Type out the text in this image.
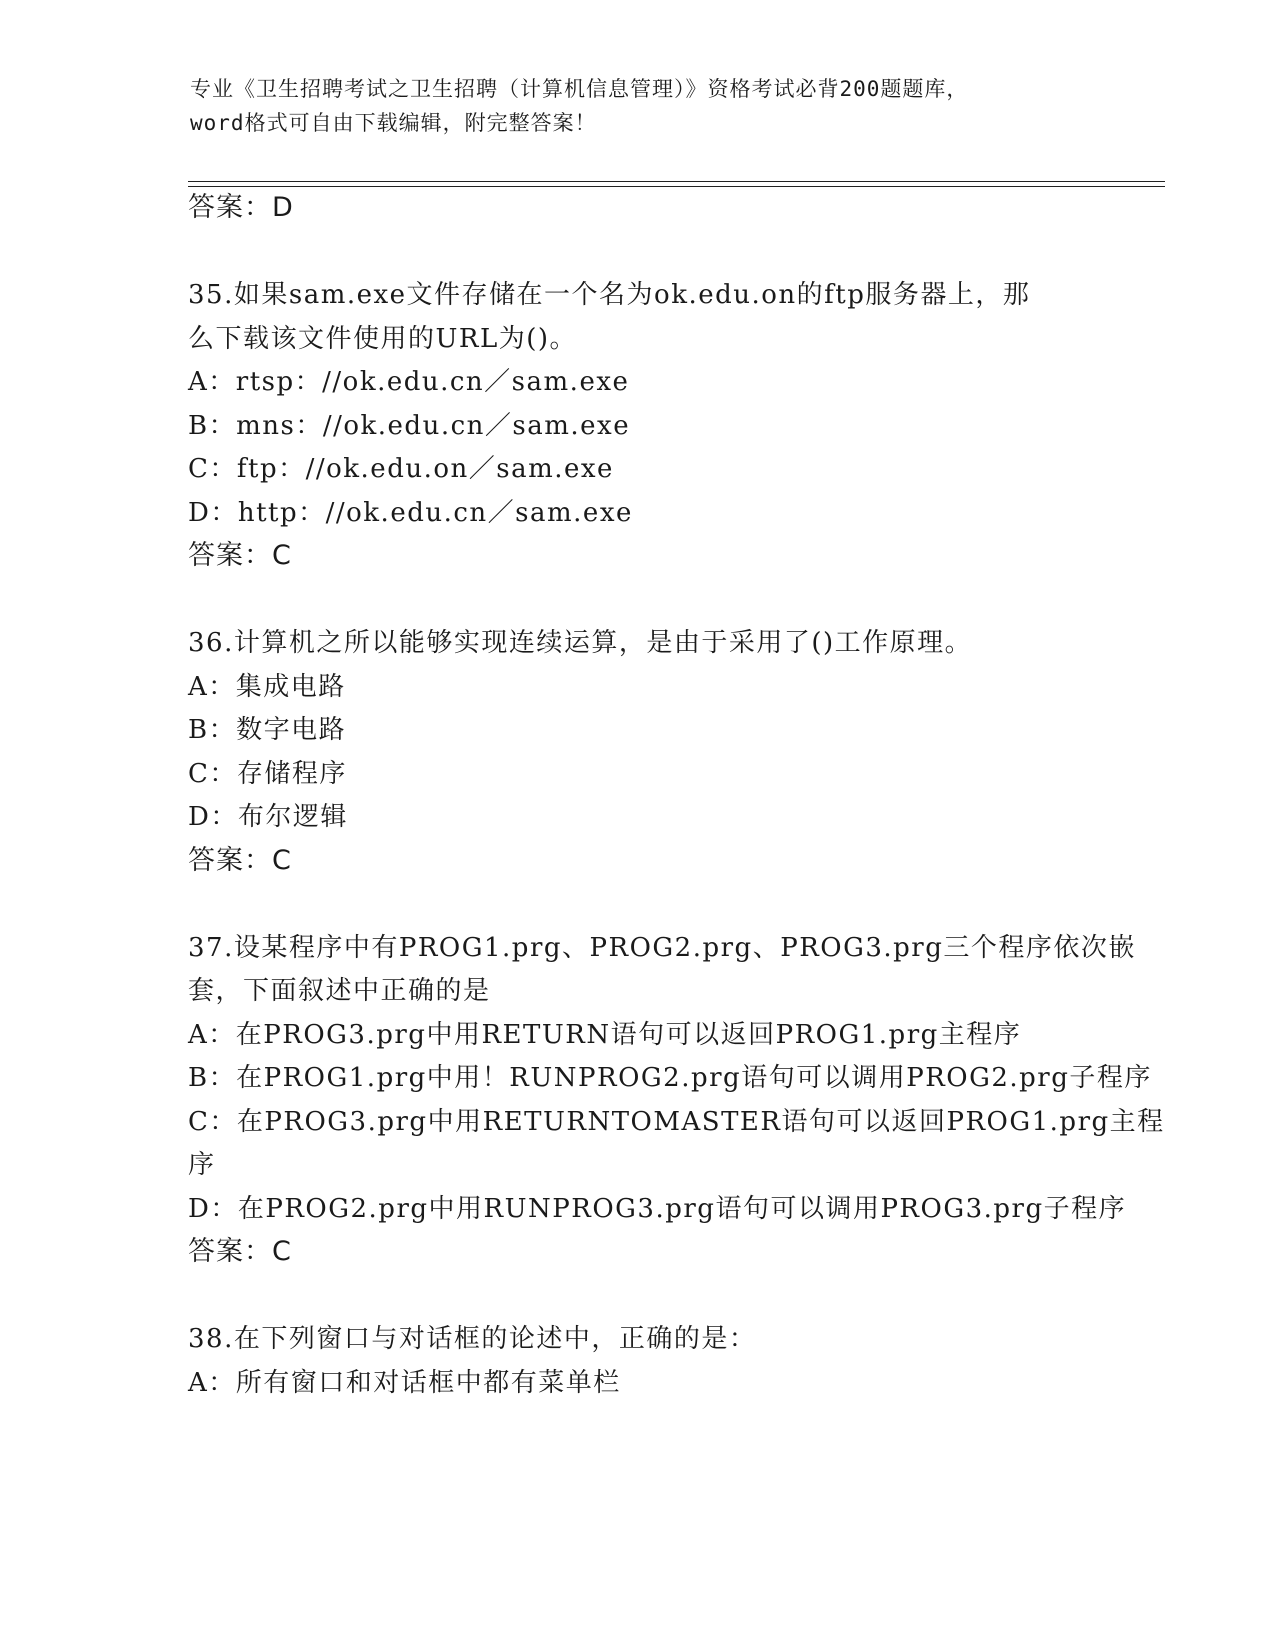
专业《卫生招聘考试之卫生招聘（计算机信息管理）》资格考试必背200题题库，
word格式可自由下载编辑，附完整答案！
答案：D
35.如果sam.exe文件存储在一个名为ok.edu.on的ftp服务器上，那
么下载该文件使用的URL为()。
A：rtsp：//ok.edu.cn／sam.exe
B：mns：//ok.edu.cn／sam.exe
C：ftp：//ok.edu.on／sam.exe
D：http：//ok.edu.cn／sam.exe
答案：C
36.计算机之所以能够实现连续运算，是由于采用了()工作原理。
A：集成电路
B：数字电路
C：存储程序
D：布尔逻辑
答案：C
37.设某程序中有PROG1.prg、PROG2.prg、PROG3.prg三个程序依次嵌
套，下面叙述中正确的是
A：在PROG3.prg中用RETURN语句可以返回PROG1.prg主程序
B：在PROG1.prg中用！RUNPROG2.prg语句可以调用PROG2.prg子程序
C：在PROG3.prg中用RETURNTOMASTER语句可以返回PROG1.prg主程
序
D：在PROG2.prg中用RUNPROG3.prg语句可以调用PROG3.prg子程序
答案：C
38.在下列窗口与对话框的论述中，正确的是：
A：所有窗口和对话框中都有菜单栏
